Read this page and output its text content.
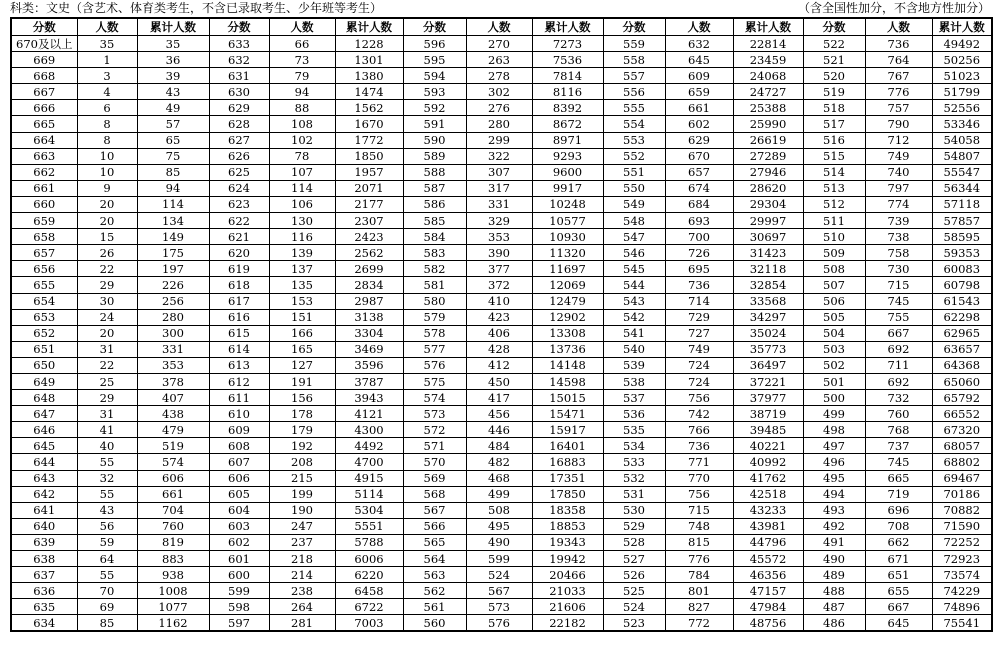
科类：文史（含艺术、体育类考生，不含已录取考生、少年班等考生）	（含全国性加分，不含地方性加分）
分数	人数	累计人数	分数	人数	累计人数	分数	人数	累计人数	分数	人数	累计人数	分数	人数	累计人数
670及以上	35	35	633	66	1228	596	270	7273	559	632	22814	522	736	49492
669	1	36	632	73	1301	595	263	7536	558	645	23459	521	764	50256
668	3	39	631	79	1380	594	278	7814	557	609	24068	520	767	51023
667	4	43	630	94	1474	593	302	8116	556	659	24727	519	776	51799
666	6	49	629	88	1562	592	276	8392	555	661	25388	518	757	52556
665	8	57	628	108	1670	591	280	8672	554	602	25990	517	790	53346
664	8	65	627	102	1772	590	299	8971	553	629	26619	516	712	54058
663	10	75	626	78	1850	589	322	9293	552	670	27289	515	749	54807
662	10	85	625	107	1957	588	307	9600	551	657	27946	514	740	55547
661	9	94	624	114	2071	587	317	9917	550	674	28620	513	797	56344
660	20	114	623	106	2177	586	331	10248	549	684	29304	512	774	57118
659	20	134	622	130	2307	585	329	10577	548	693	29997	511	739	57857
658	15	149	621	116	2423	584	353	10930	547	700	30697	510	738	58595
657	26	175	620	139	2562	583	390	11320	546	726	31423	509	758	59353
656	22	197	619	137	2699	582	377	11697	545	695	32118	508	730	60083
655	29	226	618	135	2834	581	372	12069	544	736	32854	507	715	60798
654	30	256	617	153	2987	580	410	12479	543	714	33568	506	745	61543
653	24	280	616	151	3138	579	423	12902	542	729	34297	505	755	62298
652	20	300	615	166	3304	578	406	13308	541	727	35024	504	667	62965
651	31	331	614	165	3469	577	428	13736	540	749	35773	503	692	63657
650	22	353	613	127	3596	576	412	14148	539	724	36497	502	711	64368
649	25	378	612	191	3787	575	450	14598	538	724	37221	501	692	65060
648	29	407	611	156	3943	574	417	15015	537	756	37977	500	732	65792
647	31	438	610	178	4121	573	456	15471	536	742	38719	499	760	66552
646	41	479	609	179	4300	572	446	15917	535	766	39485	498	768	67320
645	40	519	608	192	4492	571	484	16401	534	736	40221	497	737	68057
644	55	574	607	208	4700	570	482	16883	533	771	40992	496	745	68802
643	32	606	606	215	4915	569	468	17351	532	770	41762	495	665	69467
642	55	661	605	199	5114	568	499	17850	531	756	42518	494	719	70186
641	43	704	604	190	5304	567	508	18358	530	715	43233	493	696	70882
640	56	760	603	247	5551	566	495	18853	529	748	43981	492	708	71590
639	59	819	602	237	5788	565	490	19343	528	815	44796	491	662	72252
638	64	883	601	218	6006	564	599	19942	527	776	45572	490	671	72923
637	55	938	600	214	6220	563	524	20466	526	784	46356	489	651	73574
636	70	1008	599	238	6458	562	567	21033	525	801	47157	488	655	74229
635	69	1077	598	264	6722	561	573	21606	524	827	47984	487	667	74896
634	85	1162	597	281	7003	560	576	22182	523	772	48756	486	645	75541
